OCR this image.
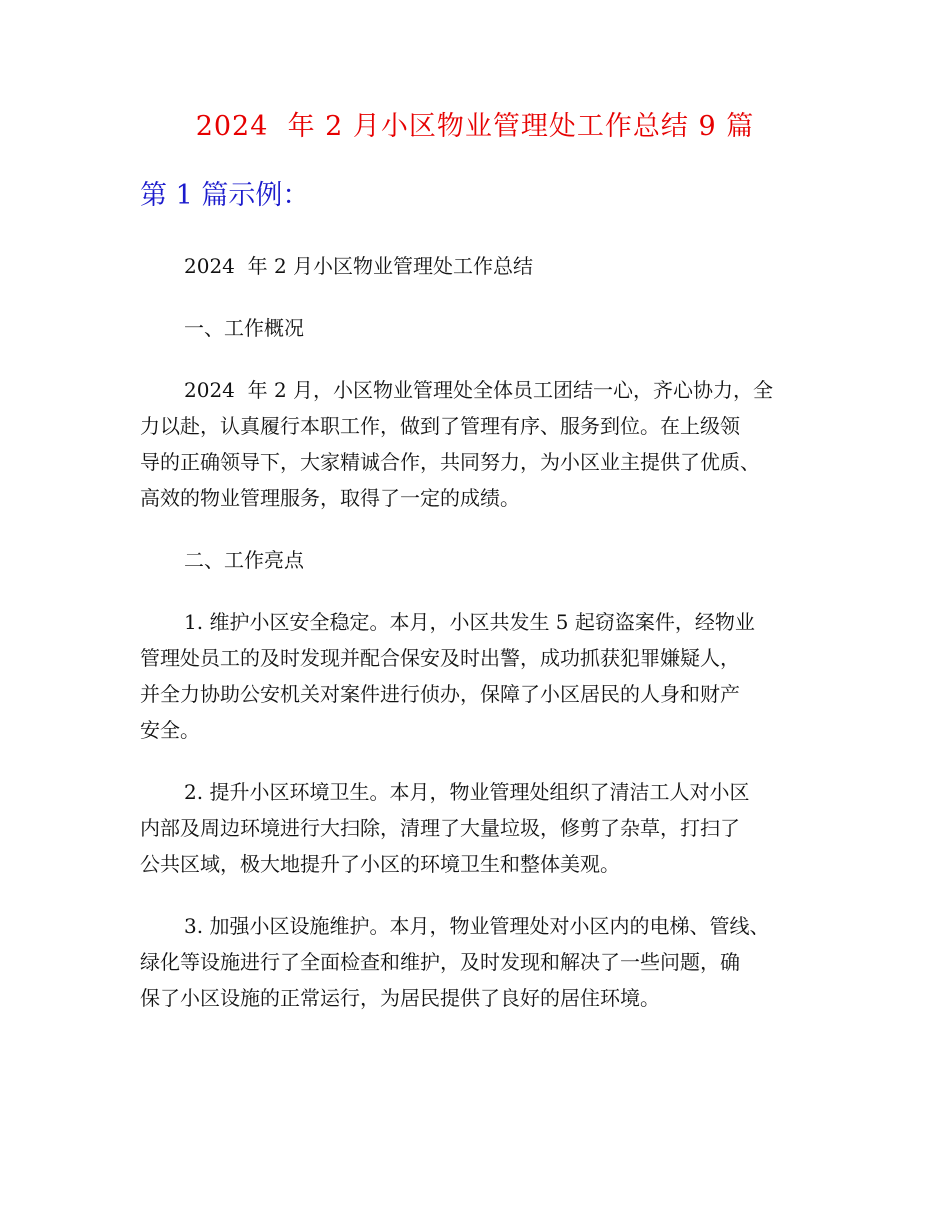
2024  年 2 月小区物业管理处工作总结 9 篇
第 1 篇示例：
2024  年 2 月小区物业管理处工作总结
一、工作概况
2024  年 2 月，小区物业管理处全体员工团结一心，齐心协力，全
力以赴，认真履行本职工作，做到了管理有序、服务到位。在上级领
导的正确领导下，大家精诚合作，共同努力，为小区业主提供了优质、
高效的物业管理服务，取得了一定的成绩。
二、工作亮点
1. 维护小区安全稳定。本月，小区共发生 5 起窃盗案件，经物业
管理处员工的及时发现并配合保安及时出警，成功抓获犯罪嫌疑人，
并全力协助公安机关对案件进行侦办，保障了小区居民的人身和财产
安全。
2. 提升小区环境卫生。本月，物业管理处组织了清洁工人对小区
内部及周边环境进行大扫除，清理了大量垃圾，修剪了杂草，打扫了
公共区域，极大地提升了小区的环境卫生和整体美观。
3. 加强小区设施维护。本月，物业管理处对小区内的电梯、管线、
绿化等设施进行了全面检查和维护，及时发现和解决了一些问题，确
保了小区设施的正常运行，为居民提供了良好的居住环境。
